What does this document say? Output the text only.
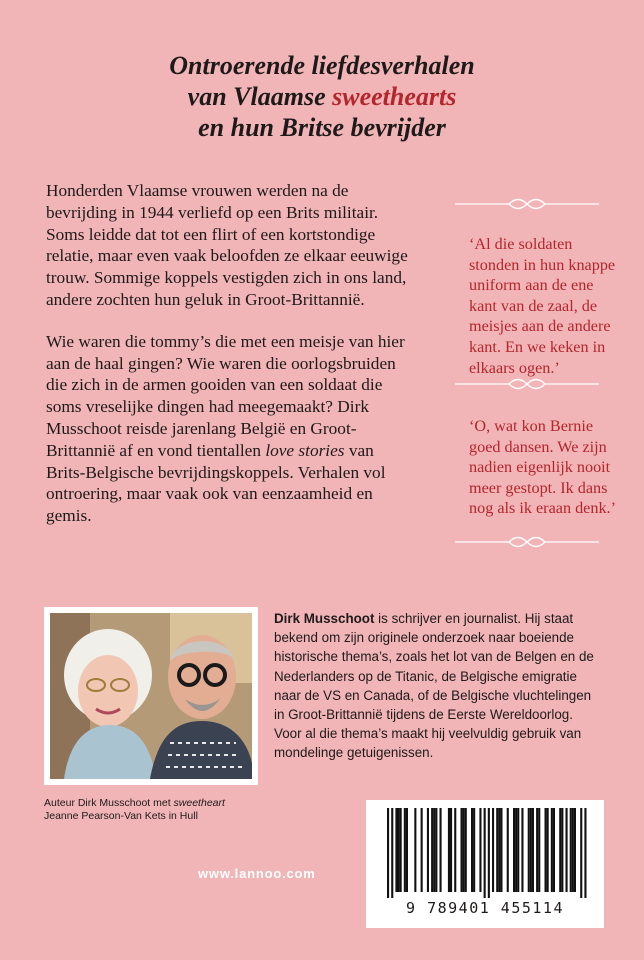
Ontroerende liefdesverhalen
van Vlaamse sweethearts
en hun Britse bevrijder

Honderden Vlaamse vrouwen werden na de bevrijding in 1944 verliefd op een Brits militair. Soms leidde dat tot een flirt of een kortstondige relatie, maar even vaak beloofden ze elkaar eeuwige trouw. Sommige koppels vestigden zich in ons land, andere zochten hun geluk in Groot-Brittannië.

Wie waren die tommy’s die met een meisje van hier aan de haal gingen? Wie waren die oorlogsbruiden die zich in de armen gooiden van een soldaat die soms vreselijke dingen had meegemaakt? Dirk Musschoot reisde jarenlang België en Groot-Brittannië af en vond tientallen love stories van Brits-Belgische bevrijdingskoppels. Verhalen vol ontroering, maar vaak ook van eenzaamheid en gemis.

‘Al die soldaten stonden in hun knappe uniform aan de ene kant van de zaal, de meisjes aan de andere kant. En we keken in elkaars ogen.’
‘O, wat kon Bernie goed dansen. We zijn nadien eigenlijk nooit meer gestopt. Ik dans nog als ik eraan denk.’
Auteur Dirk Musschoot met sweetheart
Jeanne Pearson-Van Kets in Hull
Dirk Musschoot is schrijver en journalist. Hij staat bekend om zijn originele onderzoek naar boeiende historische thema’s, zoals het lot van de Belgen en de Nederlanders op de Titanic, de Belgische emigratie naar de VS en Canada, of de Belgische vluchtelingen in Groot-Brittannië tijdens de Eerste Wereldoorlog. Voor al die thema’s maakt hij veelvuldig gebruik van mondelinge getuigenissen.
9 789401 455114
www.lannoo.com
